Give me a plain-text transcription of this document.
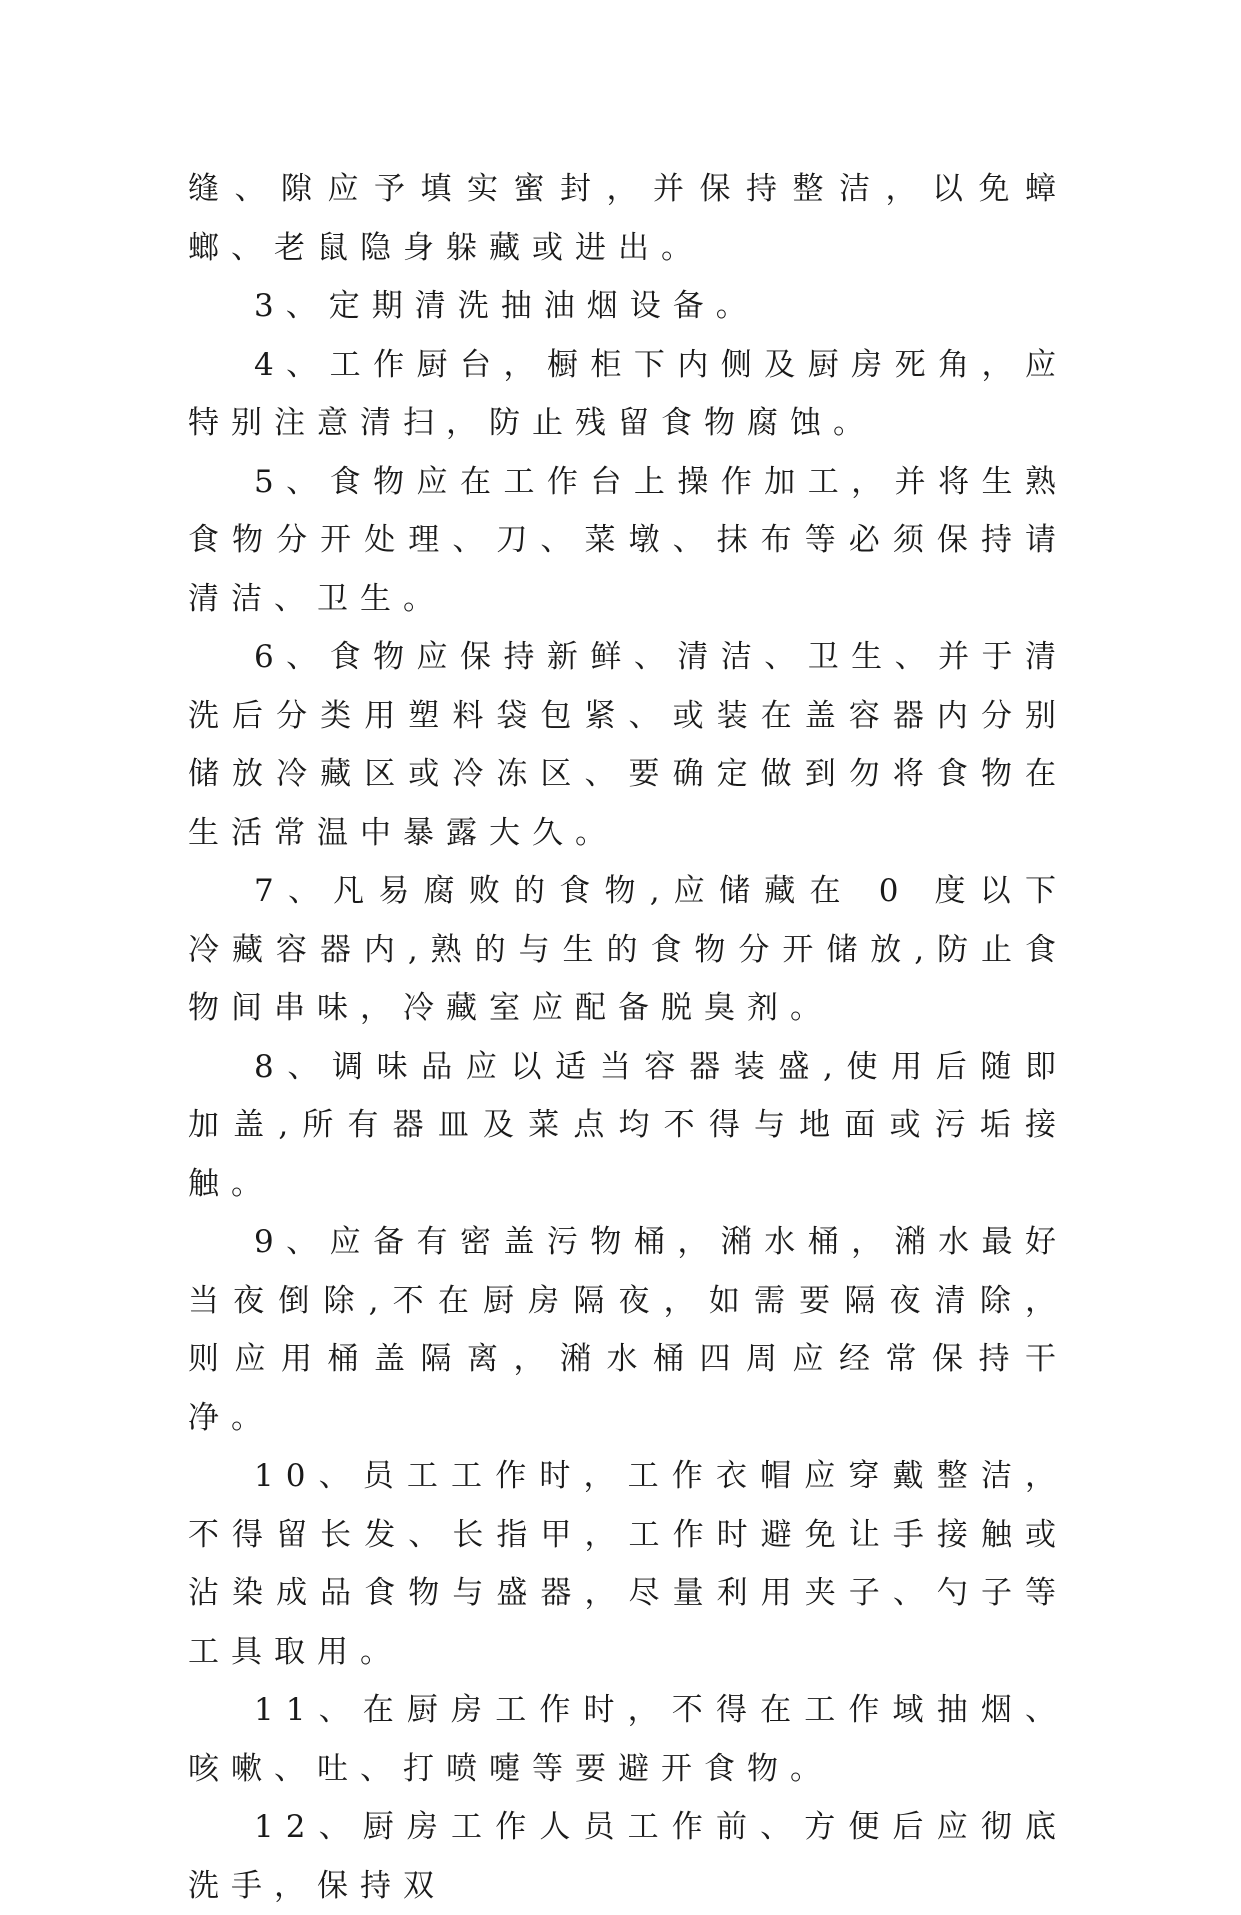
缝、隙应予填实蜜封，并保持整洁，以免蟑螂、老鼠隐身躲藏或进出。

3、定期清洗抽油烟设备。

4、工作厨台，橱柜下内侧及厨房死角，应特别注意清扫，防止残留食物腐蚀。

5、食物应在工作台上操作加工，并将生熟食物分开处理、刀、菜墩、抹布等必须保持请清洁、卫生。

6、食物应保持新鲜、清洁、卫生、并于清洗后分类用塑料袋包紧、或装在盖容器内分别储放冷藏区或冷冻区、要确定做到勿将食物在生活常温中暴露大久。

7、凡易腐败的食物,应储藏在 0 度以下冷藏容器内,熟的与生的食物分开储放,防止食物间串味，冷藏室应配备脱臭剂。

8、调味品应以适当容器装盛,使用后随即加盖,所有器皿及菜点均不得与地面或污垢接触。

9、应备有密盖污物桶，潲水桶，潲水最好当夜倒除,不在厨房隔夜，如需要隔夜清除，则应用桶盖隔离，潲水桶四周应经常保持干净。

10、员工工作时，工作衣帽应穿戴整洁，不得留长发、长指甲，工作时避免让手接触或沾染成品食物与盛器，尽量利用夹子、勺子等工具取用。

11、在厨房工作时，不得在工作域抽烟、咳嗽、吐、打喷嚏等要避开食物。

12、厨房工作人员工作前、方便后应彻底洗手，保持双
